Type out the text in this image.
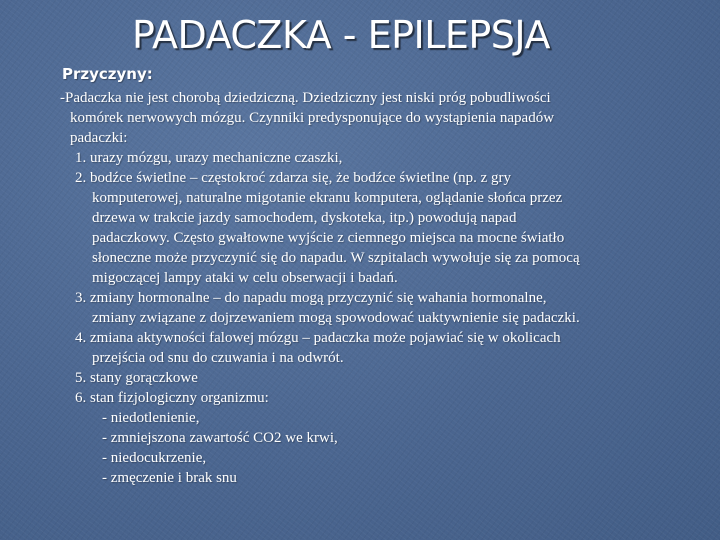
PADACZKA - EPILEPSJA
Przyczyny:
-Padaczka nie jest chorobą dziedziczną. Dziedziczny jest niski próg pobudliwości
komórek nerwowych mózgu. Czynniki predysponujące do wystąpienia napadów
padaczki:
1. urazy mózgu, urazy mechaniczne czaszki,
2. bodźce świetlne – częstokroć zdarza się, że bodźce świetlne (np. z gry
komputerowej, naturalne migotanie ekranu komputera, oglądanie słońca przez
drzewa w trakcie jazdy samochodem, dyskoteka, itp.) powodują napad
padaczkowy. Często gwałtowne wyjście z ciemnego miejsca na mocne światło
słoneczne może przyczynić się do napadu. W szpitalach wywołuje się za pomocą
migoczącej lampy ataki w celu obserwacji i badań.
3. zmiany hormonalne – do napadu mogą przyczynić się wahania hormonalne,
zmiany związane z dojrzewaniem mogą spowodować uaktywnienie się padaczki.
4. zmiana aktywności falowej mózgu – padaczka może pojawiać się w okolicach
przejścia od snu do czuwania i na odwrót.
5. stany gorączkowe
6. stan fizjologiczny organizmu:
- niedotlenienie,
- zmniejszona zawartość CO2 we krwi,
- niedocukrzenie,
- zmęczenie i brak snu
